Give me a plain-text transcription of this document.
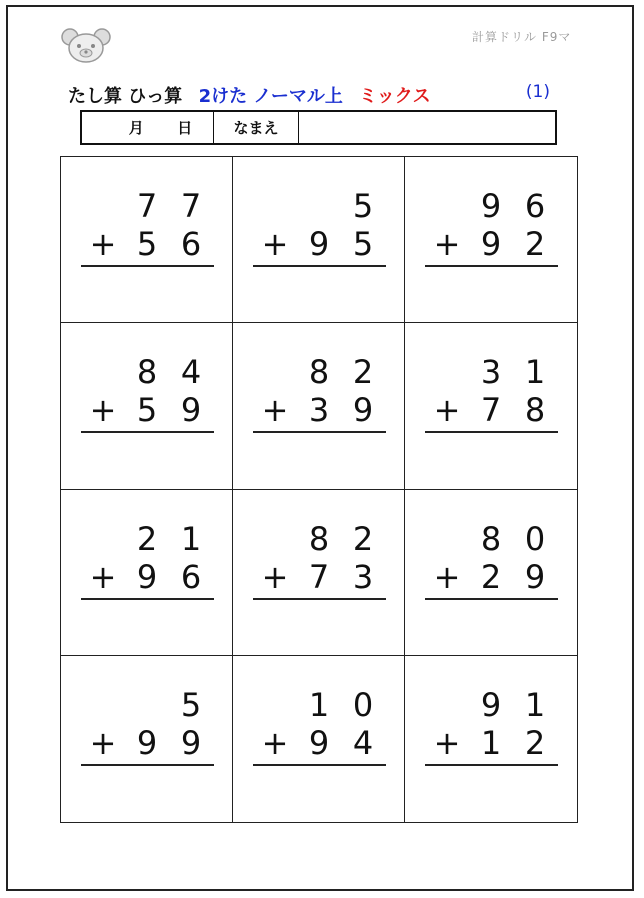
計算ドリル F9マ
たし算 ひっ算 2けた ノーマル上 ミックス	(1)
月 日	なまえ
7 7
+ 5 6
5
+ 9 5
9 6
+ 9 2
8 4
+ 5 9
8 2
+ 3 9
3 1
+ 7 8
2 1
+ 9 6
8 2
+ 7 3
8 0
+ 2 9
5
+ 9 9
1 0
+ 9 4
9 1
+ 1 2
